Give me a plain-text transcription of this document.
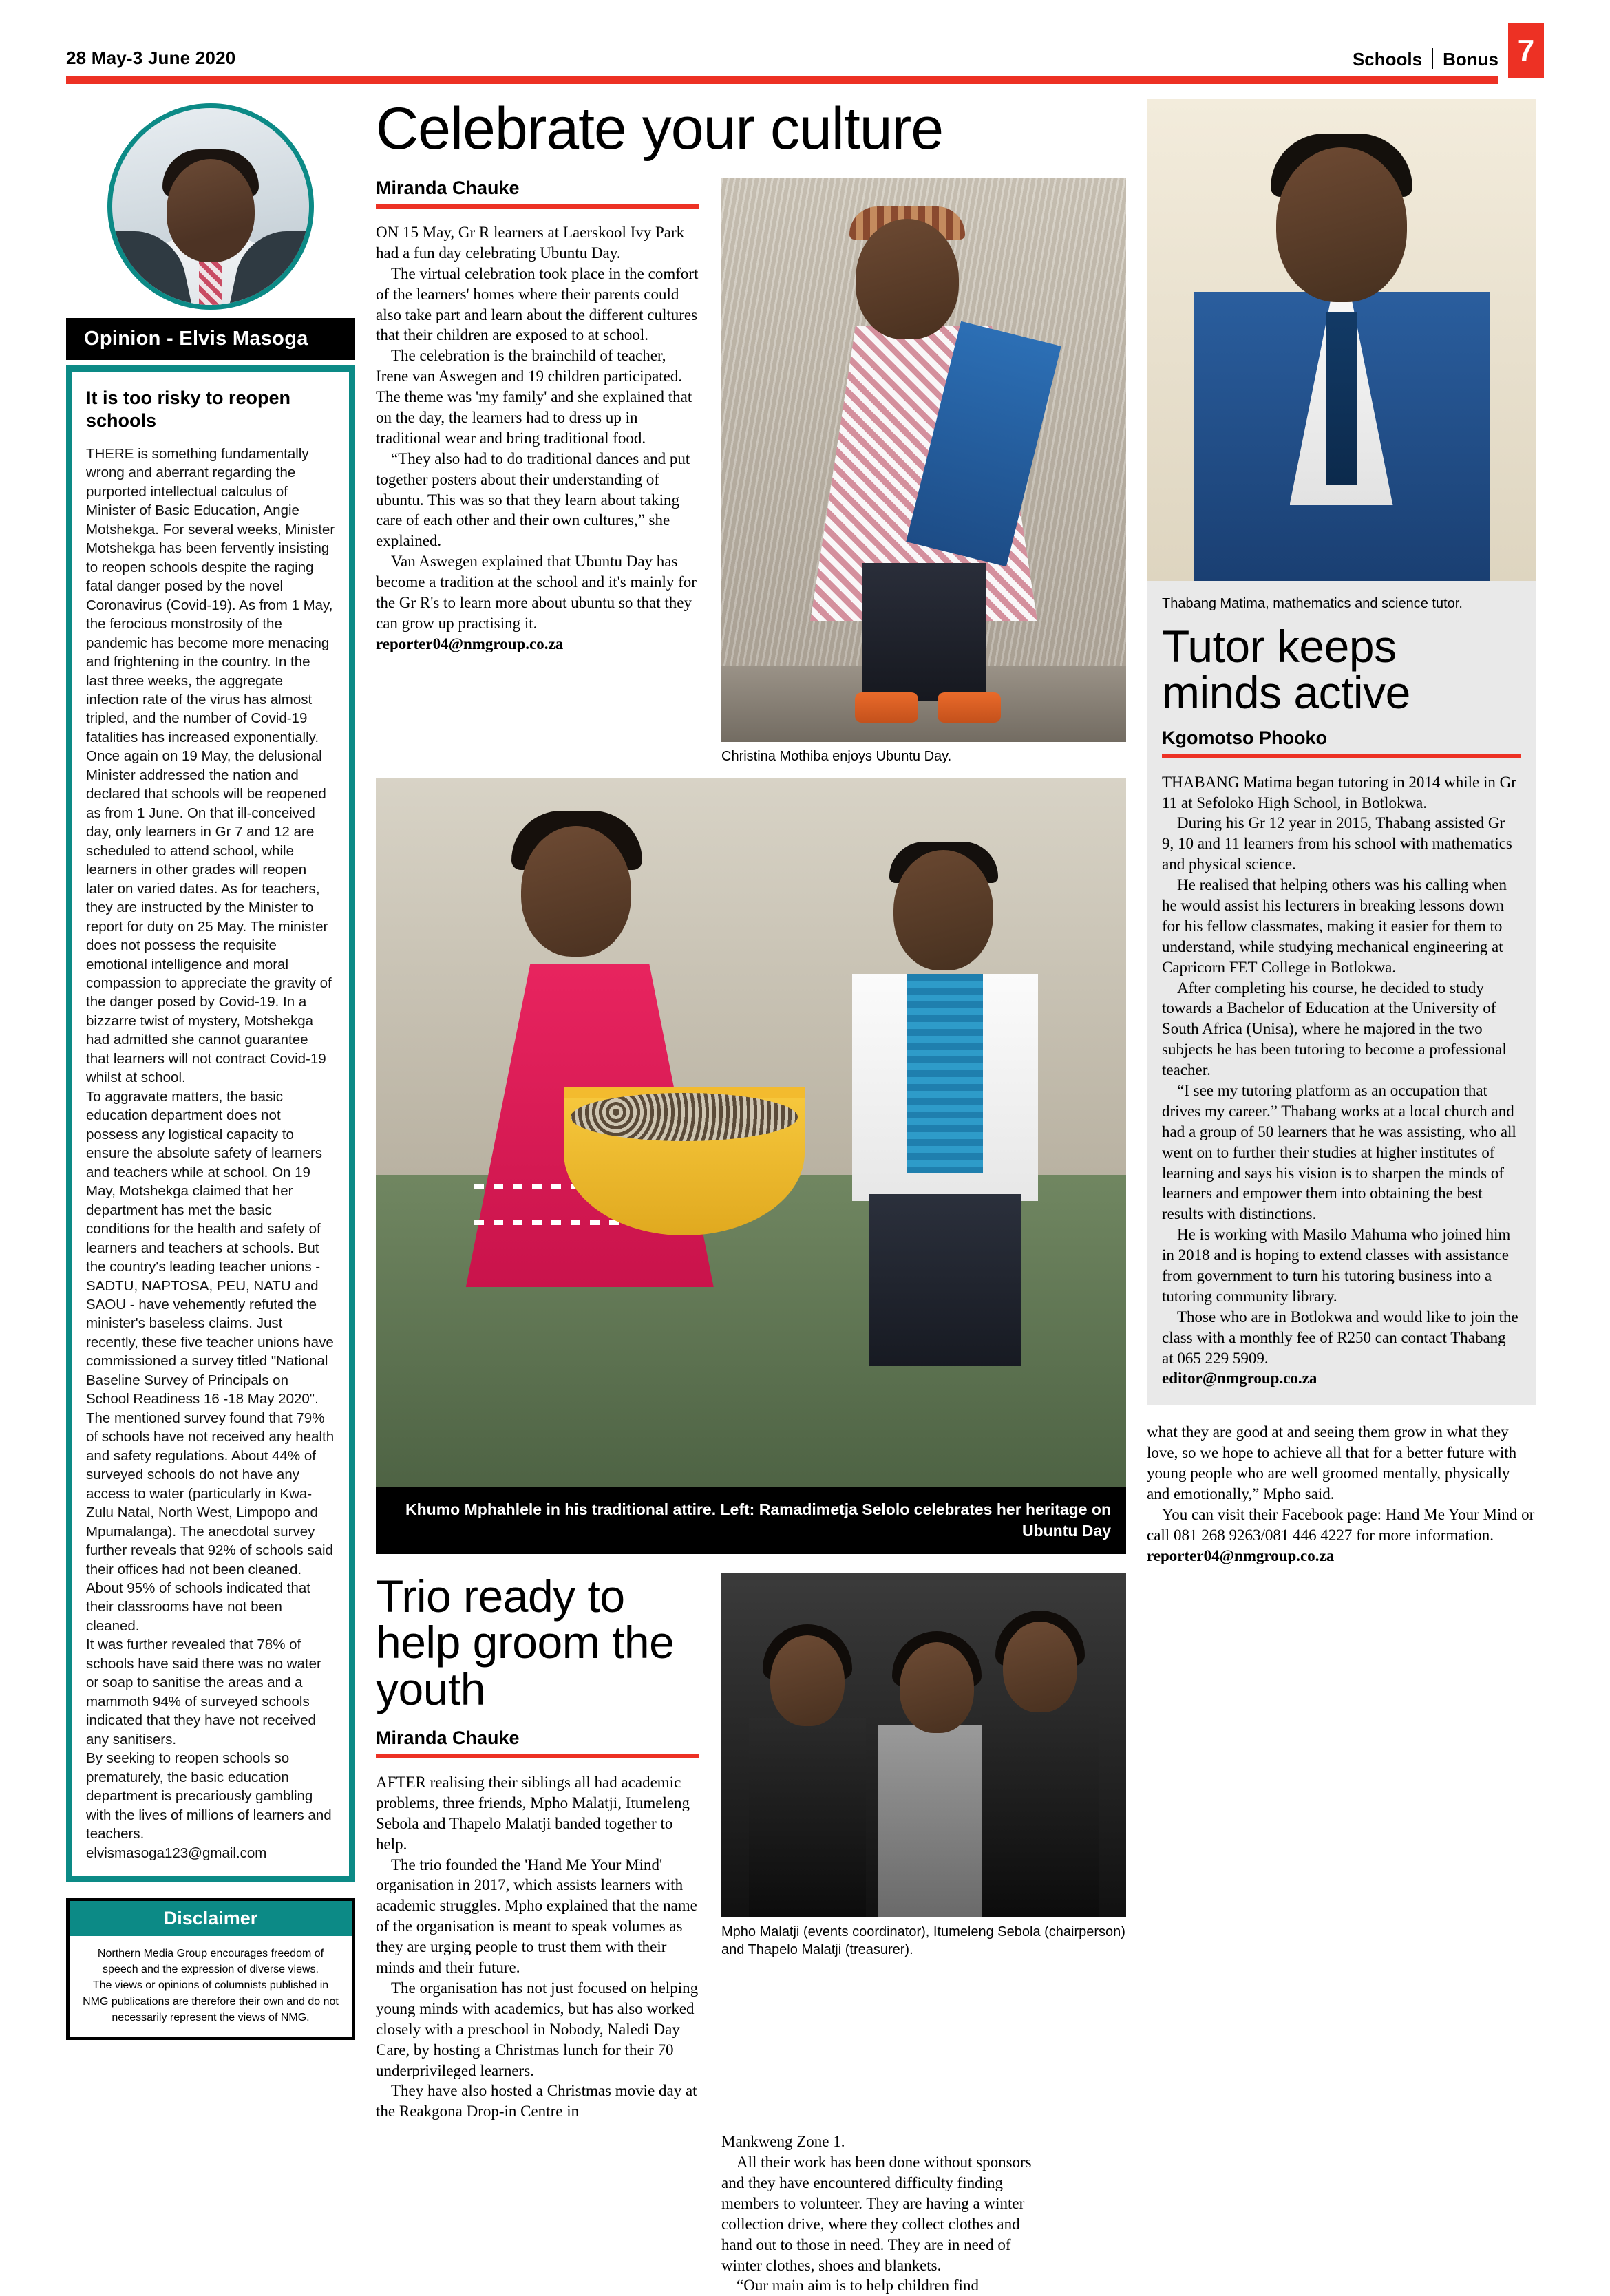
28 May-3 June 2020	Schools Bonus 7
Opinion - Elvis Masoga
It is too risky to reopen schools

THERE is something fundamentally wrong and aberrant regarding the purported intellectual calculus of Minister of Basic Education, Angie Motshekga. For several weeks, Minister Motshekga has been fervently insisting to reopen schools despite the raging fatal danger posed by the novel Coronavirus (Covid-19). As from 1 May, the ferocious monstrosity of the pandemic has become more menacing and frightening in the country. In the last three weeks, the aggregate infection rate of the virus has almost tripled, and the number of Covid-19 fatalities has increased exponentially. Once again on 19 May, the delusional Minister addressed the nation and declared that schools will be reopened as from 1 June. On that ill-conceived day, only learners in Gr 7 and 12 are scheduled to attend school, while learners in other grades will reopen later on varied dates. As for teachers, they are instructed by the Minister to report for duty on 25 May. The minister does not possess the requisite emotional intelligence and moral compassion to appreciate the gravity of the danger posed by Covid-19. In a bizzarre twist of mystery, Motshekga had admitted she cannot guarantee that learners will not contract Covid-19 whilst at school.

To aggravate matters, the basic education department does not possess any logistical capacity to ensure the absolute safety of learners and teachers while at school. On 19 May, Motshekga claimed that her department has met the basic conditions for the health and safety of learners and teachers at schools. But the country's leading teacher unions - SADTU, NAPTOSA, PEU, NATU and SAOU - have vehemently refuted the minister's baseless claims. Just recently, these five teacher unions have commissioned a survey titled "National Baseline Survey of Principals on School Readiness 16 -18 May 2020". The mentioned survey found that 79% of schools have not received any health and safety regulations. About 44% of surveyed schools do not have any access to water (particularly in Kwa-Zulu Natal, North West, Limpopo and Mpumalanga). The anecdotal survey further reveals that 92% of schools said their offices had not been cleaned. About 95% of schools indicated that their classrooms have not been cleaned.

It was further revealed that 78% of schools have said there was no water or soap to sanitise the areas and a mammoth 94% of surveyed schools indicated that they have not received any sanitisers.

By seeking to reopen schools so prematurely, the basic education department is precariously gambling with the lives of millions of learners and teachers.

elvismasoga123@gmail.com
Disclaimer
Northern Media Group encourages freedom of speech and the expression of diverse views.
The views or opinions of columnists published in NMG publications are therefore their own and do not necessarily represent the views of NMG.
Celebrate your culture
Miranda Chauke

ON 15 May, Gr R learners at Laerskool Ivy Park had a fun day celebrating Ubuntu Day.

The virtual celebration took place in the comfort of the learners' homes where their parents could also take part and learn about the different cultures that their children are exposed to at school.

The celebration is the brainchild of teacher, Irene van Aswegen and 19 children participated. The theme was 'my family' and she explained that on the day, the learners had to dress up in traditional wear and bring traditional food.

“They also had to do traditional dances and put together posters about their understanding of ubuntu. This was so that they learn about taking care of each other and their own cultures,” she explained.

Van Aswegen explained that Ubuntu Day has become a tradition at the school and it's mainly for the Gr R's to learn more about ubuntu so that they can grow up practising it.

reporter04@nmgroup.co.za
Christina Mothiba enjoys Ubuntu Day.
Khumo Mphahlele in his traditional attire. Left: Ramadimetja Selolo celebrates her heritage on Ubuntu Day
Trio ready to help groom the youth
Miranda Chauke

AFTER realising their siblings all had academic problems, three friends, Mpho Malatji, Itumeleng Sebola and Thapelo Malatji banded together to help.

The trio founded the 'Hand Me Your Mind' organisation in 2017, which assists learners with academic struggles. Mpho explained that the name of the organisation is meant to speak volumes as they are urging people to trust them with their minds and their future.

The organisation has not just focused on helping young minds with academics, but has also worked closely with a preschool in Nobody, Naledi Day Care, by hosting a Christmas lunch for their 70 underprivileged learners.

They have also hosted a Christmas movie day at the Reakgona Drop-in Centre in

Mpho Malatji (events coordinator), Itumeleng Sebola (chairperson) and Thapelo Malatji (treasurer).

Mankweng Zone 1.

All their work has been done without sponsors and they have encountered difficulty finding members to volunteer. They are having a winter collection drive, where they collect clothes and hand out to those in need. They are in need of winter clothes, shoes and blankets.

“Our main aim is to help children find

Thabang Matima, mathematics and science tutor.
Tutor keeps minds active
Kgomotso Phooko

THABANG Matima began tutoring in 2014 while in Gr 11 at Sefoloko High School, in Botlokwa.

During his Gr 12 year in 2015, Thabang assisted Gr 9, 10 and 11 learners from his school with mathematics and physical science.

He realised that helping others was his calling when he would assist his lecturers in breaking lessons down for his fellow classmates, making it easier for them to understand, while studying mechanical engineering at Capricorn FET College in Botlokwa.

After completing his course, he decided to study towards a Bachelor of Education at the University of South Africa (Unisa), where he majored in the two subjects he has been tutoring to become a professional teacher.

“I see my tutoring platform as an occupation that drives my career.” Thabang works at a local church and had a group of 50 learners that he was assisting, who all went on to further their studies at higher institutes of learning and says his vision is to sharpen the minds of learners and empower them into obtaining the best results with distinctions.

He is working with Masilo Mahuma who joined him in 2018 and is hoping to extend classes with assistance from government to turn his tutoring business into a tutoring community library.

Those who are in Botlokwa and would like to join the class with a monthly fee of R250 can contact Thabang at 065 229 5909.

editor@nmgroup.co.za

what they are good at and seeing them grow in what they love, so we hope to achieve all that for a better future with young people who are well groomed mentally, physically and emotionally,” Mpho said.

You can visit their Facebook page: Hand Me Your Mind or call 081 268 9263/081 446 4227 for more information.

reporter04@nmgroup.co.za
